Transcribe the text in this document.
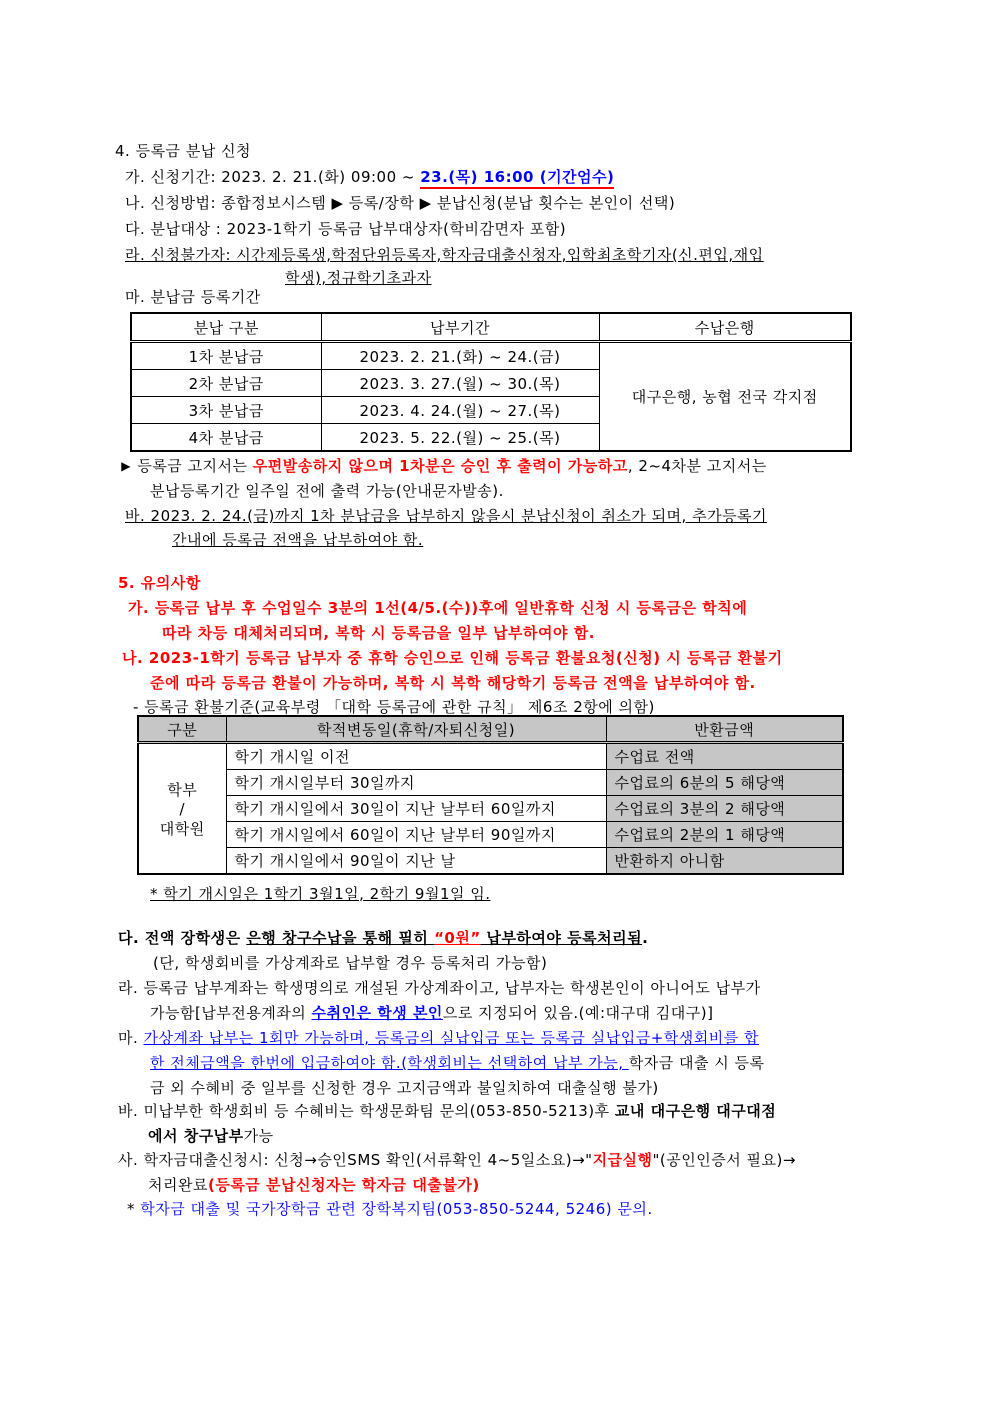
4. 등록금 분납 신청
가. 신청기간: 2023. 2. 21.(화) 09:00 ~ 23.(목) 16:00 (기간엄수)
나. 신청방법: 종합정보시스템 ▶ 등록/장학 ▶ 분납신청(분납 횟수는 본인이 선택)
다. 분납대상 : 2023-1학기 등록금 납부대상자(학비감면자 포함)
라. 신청불가자: 시간제등록생,학점단위등록자,학자금대출신청자,입학최초학기자(신.편입,재입
학생),정규학기초과자
마. 분납금 등록기간
분납 구분	납부기간	수납은행
1차 분납금	2023. 2. 21.(화) ~ 24.(금)	대구은행, 농협 전국 각지점
2차 분납금	2023. 3. 27.(월) ~ 30.(목)	
3차 분납금	2023. 4. 24.(월) ~ 27.(목)	
4차 분납금	2023. 5. 22.(월) ~ 25.(목)	
▶ 등록금 고지서는 우편발송하지 않으며 1차분은 승인 후 출력이 가능하고, 2~4차분 고지서는
분납등록기간 일주일 전에 출력 가능(안내문자발송).
바. 2023. 2. 24.(금)까지 1차 분납금을 납부하지 않을시 분납신청이 취소가 되며, 추가등록기
간내에 등록금 전액을 납부하여야 함.
5. 유의사항
가. 등록금 납부 후 수업일수 3분의 1선(4/5.(수))후에 일반휴학 신청 시 등록금은 학칙에
따라 차등 대체처리되며, 복학 시 등록금을 일부 납부하여야 함.
나. 2023-1학기 등록금 납부자 중 휴학 승인으로 인해 등록금 환불요청(신청) 시 등록금 환불기
준에 따라 등록금 환불이 가능하며, 복학 시 복학 해당학기 등록금 전액을 납부하여야 함.
- 등록금 환불기준(교육부령 「대학 등록금에 관한 규칙」 제6조 2항에 의함)
구분	학적변동일(휴학/자퇴신청일)	반환금액
학부
/
대학원	학기 개시일 이전	수업료 전액
	학기 개시일부터 30일까지	수업료의 6분의 5 해당액
	학기 개시일에서 30일이 지난 날부터 60일까지	수업료의 3분의 2 해당액
	학기 개시일에서 60일이 지난 날부터 90일까지	수업료의 2분의 1 해당액
	학기 개시일에서 90일이 지난 날	반환하지 아니함
* 학기 개시일은 1학기 3월1일, 2학기 9월1일 임.
다. 전액 장학생은 은행 창구수납을 통해 필히 “0원” 납부하여야 등록처리됨.
(단, 학생회비를 가상계좌로 납부할 경우 등록처리 가능함)
라. 등록금 납부계좌는 학생명의로 개설된 가상계좌이고, 납부자는 학생본인이 아니어도 납부가
가능함[납부전용계좌의 수취인은 학생 본인으로 지정되어 있음.(예:대구대 김대구)]
마. 가상계좌 납부는 1회만 가능하며, 등록금의 실납입금 또는 등록금 실납입금+학생회비를 합
한 전체금액을 한번에 입금하여야 함.(학생회비는 선택하여 납부 가능, 학자금 대출 시 등록
금 외 수혜비 중 일부를 신청한 경우 고지금액과 불일치하여 대출실행 불가)
바. 미납부한 학생회비 등 수혜비는 학생문화팀 문의(053-850-5213)후 교내 대구은행 대구대점
에서 창구납부가능
사. 학자금대출신청시: 신청→승인SMS 확인(서류확인 4~5일소요)→"지급실행"(공인인증서 필요)→
처리완료(등록금 분납신청자는 학자금 대출불가)
* 학자금 대출 및 국가장학금 관련 장학복지팀(053-850-5244, 5246) 문의.
